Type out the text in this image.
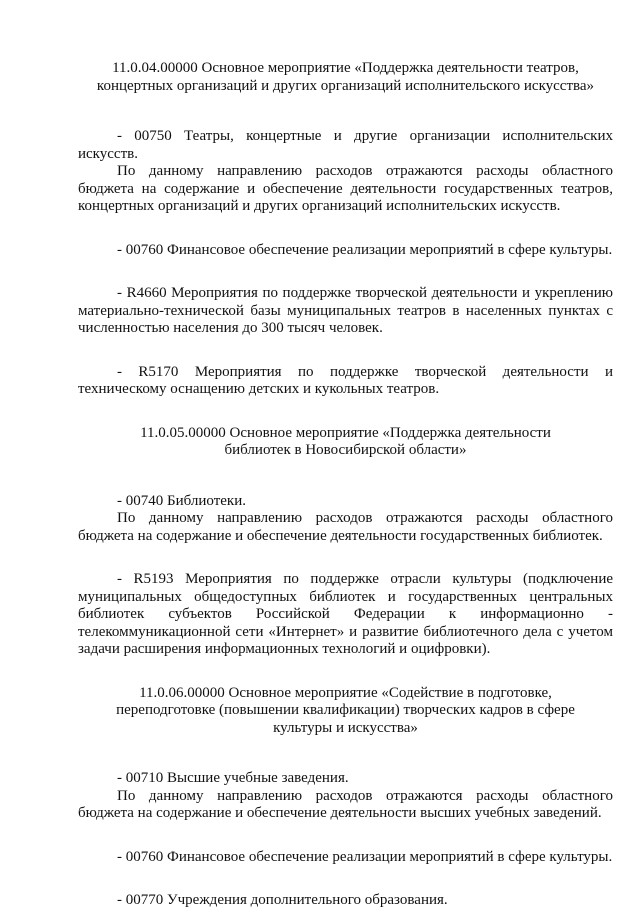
11.0.04.00000 Основное мероприятие «Поддержка деятельности театров,
концертных организаций и других организаций исполнительского искусства»

- 00750 Театры, концертные и другие организации исполнительских искусств.

По данному направлению расходов отражаются расходы областного бюджета на содержание и обеспечение деятельности государственных театров, концертных организаций и других организаций исполнительских искусств.

- 00760 Финансовое обеспечение реализации мероприятий в сфере культуры.

- R4660 Мероприятия по поддержке творческой деятельности и укреплению материально-технической базы муниципальных театров в населенных пунктах с численностью населения до 300 тысяч человек.

- R5170 Мероприятия по поддержке творческой деятельности и техническому оснащению детских и кукольных театров.

11.0.05.00000 Основное мероприятие «Поддержка деятельности
библиотек в Новосибирской области»

- 00740 Библиотеки.

По данному направлению расходов отражаются расходы областного бюджета на содержание и обеспечение деятельности государственных библиотек.

- R5193 Мероприятия по поддержке отрасли культуры (подключение муниципальных общедоступных библиотек и государственных центральных библиотек субъектов Российской Федерации к информационно - телекоммуникационной сети «Интернет» и развитие библиотечного дела с учетом задачи расширения информационных технологий и оцифровки).

11.0.06.00000 Основное мероприятие «Содействие в подготовке,
переподготовке (повышении квалификации) творческих кадров в сфере
культуры и искусства»

- 00710 Высшие учебные заведения.

По данному направлению расходов отражаются расходы областного бюджета на содержание и обеспечение деятельности высших учебных заведений.

- 00760 Финансовое обеспечение реализации мероприятий в сфере культуры.

- 00770 Учреждения дополнительного образования.
